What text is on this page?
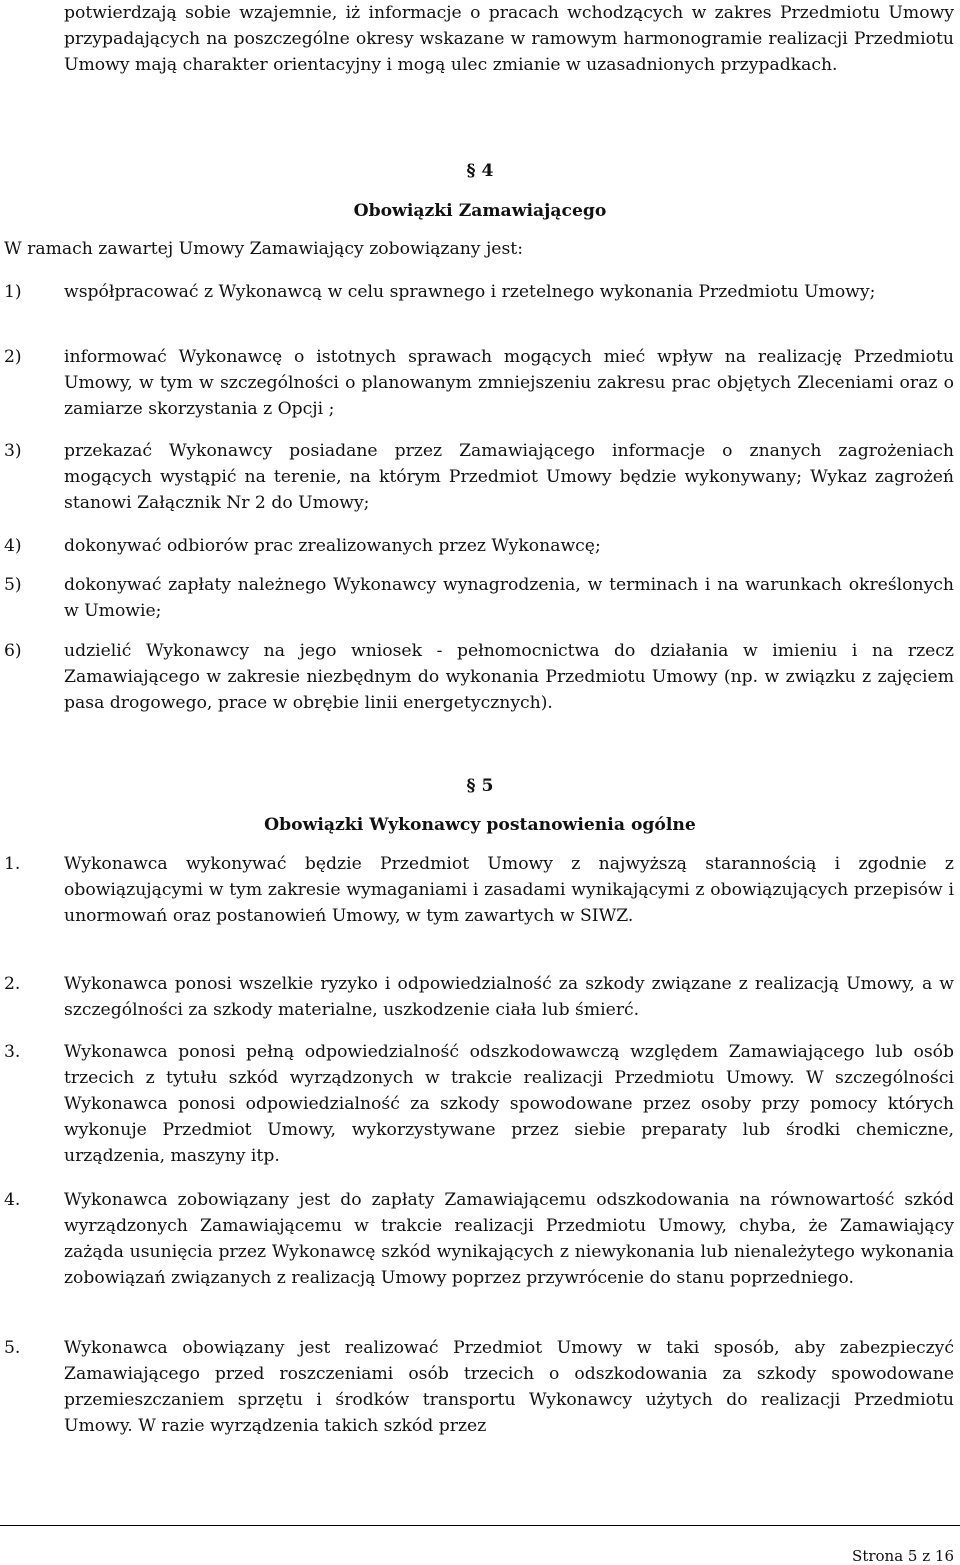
potwierdzają sobie wzajemnie, iż informacje o pracach wchodzących w zakres Przedmiotu Umowy przypadających na poszczególne okresy wskazane w ramowym harmonogramie realizacji Przedmiotu Umowy mają charakter orientacyjny i mogą ulec zmianie w uzasadnionych przypadkach.
§ 4
Obowiązki Zamawiającego
W ramach zawartej Umowy Zamawiający zobowiązany jest:
1)	współpracować z Wykonawcą w celu sprawnego i rzetelnego wykonania Przedmiotu Umowy;
2)	informować Wykonawcę o istotnych sprawach mogących mieć wpływ na realizację Przedmiotu Umowy, w tym w szczególności o planowanym zmniejszeniu zakresu prac objętych Zleceniami oraz o zamiarze skorzystania z Opcji ;
3)	przekazać Wykonawcy posiadane przez Zamawiającego informacje o znanych zagrożeniach mogących wystąpić na terenie, na którym Przedmiot Umowy będzie wykonywany; Wykaz zagrożeń stanowi Załącznik Nr 2 do Umowy;
4)	dokonywać odbiorów prac zrealizowanych przez Wykonawcę;
5)	dokonywać zapłaty należnego Wykonawcy wynagrodzenia, w terminach i na warunkach określonych w Umowie;
6)	udzielić Wykonawcy na jego wniosek - pełnomocnictwa do działania w imieniu i na rzecz Zamawiającego w zakresie niezbędnym do wykonania Przedmiotu Umowy (np. w związku z zajęciem pasa drogowego, prace w obrębie linii energetycznych).
§ 5
Obowiązki Wykonawcy postanowienia ogólne
1.	Wykonawca wykonywać będzie Przedmiot Umowy z najwyższą starannością i zgodnie z obowiązującymi w tym zakresie wymaganiami i zasadami wynikającymi z obowiązujących przepisów i unormowań oraz postanowień Umowy, w tym zawartych w SIWZ.
2.	Wykonawca ponosi wszelkie ryzyko i odpowiedzialność za szkody związane z realizacją Umowy, a w szczególności za szkody materialne, uszkodzenie ciała lub śmierć.
3.	Wykonawca ponosi pełną odpowiedzialność odszkodowawczą względem Zamawiającego lub osób trzecich z tytułu szkód wyrządzonych w trakcie realizacji Przedmiotu Umowy. W szczególności Wykonawca ponosi odpowiedzialność za szkody spowodowane przez osoby przy pomocy których wykonuje Przedmiot Umowy, wykorzystywane przez siebie preparaty lub środki chemiczne, urządzenia, maszyny itp.
4.	Wykonawca zobowiązany jest do zapłaty Zamawiającemu odszkodowania na równowartość szkód wyrządzonych Zamawiającemu w trakcie realizacji Przedmiotu Umowy, chyba, że Zamawiający zażąda usunięcia przez Wykonawcę szkód wynikających z niewykonania lub nienależytego wykonania zobowiązań związanych z realizacją Umowy poprzez przywrócenie do stanu poprzedniego.
5.	Wykonawca obowiązany jest realizować Przedmiot Umowy w taki sposób, aby zabezpieczyć Zamawiającego przed roszczeniami osób trzecich o odszkodowania za szkody spowodowane przemieszczaniem sprzętu i środków transportu Wykonawcy użytych do realizacji Przedmiotu Umowy. W razie wyrządzenia takich szkód przez
Strona 5 z 16
